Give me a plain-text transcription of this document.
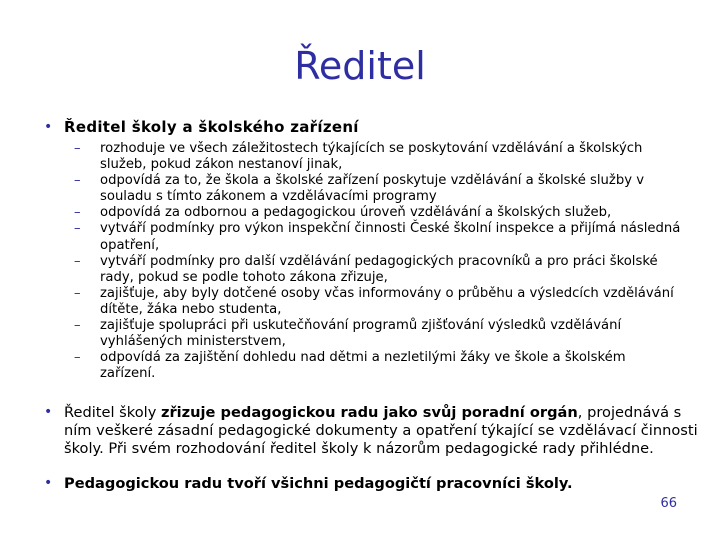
Ředitel
• Ředitel školy a školského zařízení

– rozhoduje ve všech záležitostech týkajících se poskytování vzdělávání a školských služeb, pokud zákon nestanoví jinak,

– odpovídá za to, že škola a školské zařízení poskytuje vzdělávání a školské služby v souladu s tímto zákonem a vzdělávacími programy

– odpovídá za odbornou a pedagogickou úroveň vzdělávání a školských služeb,

– vytváří podmínky pro výkon inspekční činnosti České školní inspekce a přijímá následná opatření,

– vytváří podmínky pro další vzdělávání pedagogických pracovníků a pro práci školské rady, pokud se podle tohoto zákona zřizuje,

– zajišťuje, aby byly dotčené osoby včas informovány o průběhu a výsledcích vzdělávání dítěte, žáka nebo studenta,

– zajišťuje spolupráci při uskutečňování programů zjišťování výsledků vzdělávání vyhlášených ministerstvem,

– odpovídá za zajištění dohledu nad dětmi a nezletilými žáky ve škole a školském zařízení.

• Ředitel školy zřizuje pedagogickou radu jako svůj poradní orgán, projednává s ním veškeré zásadní pedagogické dokumenty a opatření týkající se vzdělávací činnosti školy. Při svém rozhodování ředitel školy k názorům pedagogické rady přihlédne.
• Pedagogickou radu tvoří všichni pedagogičtí pracovníci školy.
66
